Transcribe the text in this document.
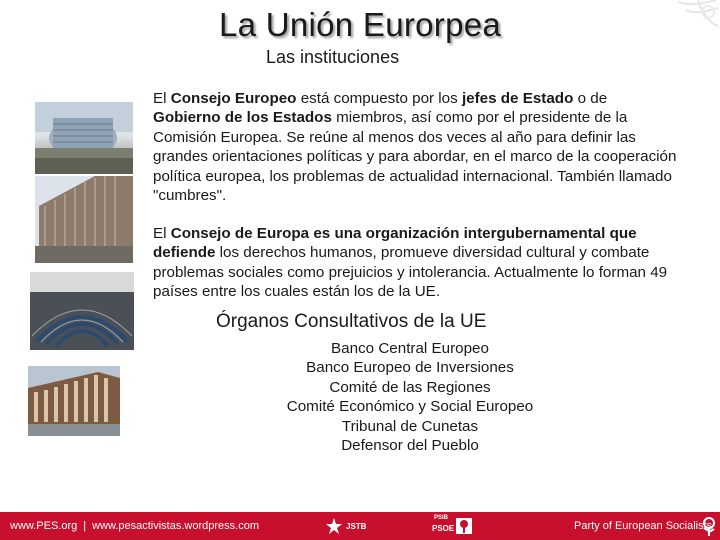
La Unión Eurorpea
Las instituciones
El Consejo Europeo está compuesto por los jefes de Estado o de Gobierno de los Estados miembros, así como por el presidente de la Comisión Europea. Se reúne al menos dos veces al año para definir las grandes orientaciones políticas y para abordar, en el marco de la cooperación política europea, los problemas de actualidad internacional. También llamado "cumbres".
El Consejo de Europa es una organización intergubernamental que defiende los derechos humanos, promueve diversidad cultural y combate problemas sociales como prejuicios y intolerancia. Actualmente lo forman 49 países entre los cuales están los de la UE.
Órganos Consultativos de la UE
Banco Central Europeo
Banco Europeo de Inversiones
Comité de las Regiones
Comité Económico y Social Europeo
Tribunal de Cunetas
Defensor del Pueblo
www.PES.org | www.pesactivistas.wordpress.com	JSTB
PSIB
PSOE	Party of European Socialists
